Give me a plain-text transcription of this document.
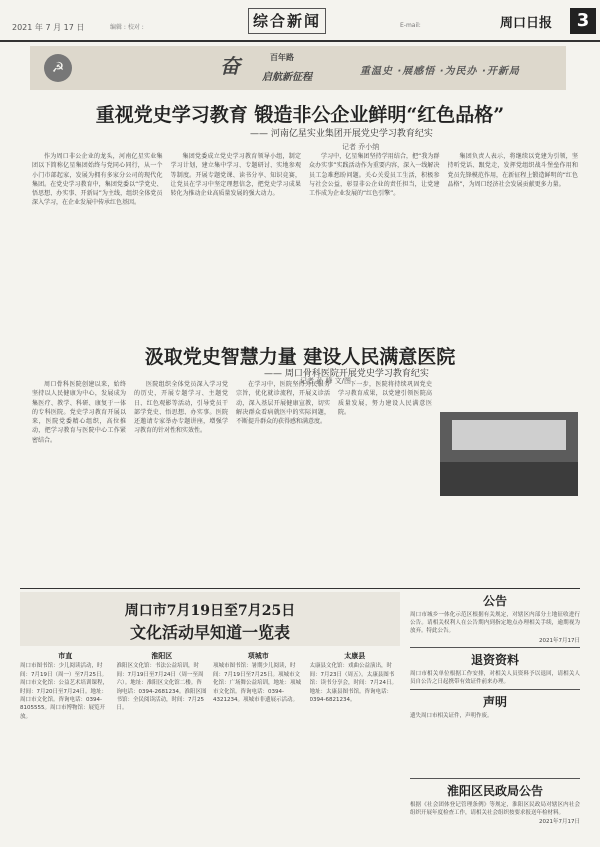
2021 年 7 月 17 日	编辑 : 校对 :	综合新闻	E-mail:	周口日报	3
☭	奋	百年路
启航新征程
重温史 ·展感悟 ·为民办 ·开新局
重视党史学习教育 锻造非公企业鲜明“红色品格”
—— 河南亿星实业集团开展党史学习教育纪实
记者 乔小纳
作为周口非公企业的龙头，河南亿星实业集团以下简称亿星集团始终与党同心同行，从一个小门市部起家，发展为拥有多家分公司的现代化集团。在党史学习教育中，集团党委以“学党史、悟思想、办实事、开新局”为主线，组织全体党员深入学习，在企业发展中传承红色基因。
集团党委成立党史学习教育领导小组，制定学习计划，建立集中学习、专题研讨、实地参观等制度。开展专题党课、读书分享、知识竞赛，让党员在学习中坚定理想信念，把党史学习成果转化为推动企业高质量发展的强大动力。
学习中，亿星集团坚持学用结合，把“我为群众办实事”实践活动作为重要内容，深入一线解决员工急难愁盼问题。关心关爱员工生活，积极参与社会公益，彰显非公企业的责任担当，让党建工作成为企业发展的“红色引擎”。
集团负责人表示，将继续以党建为引领，坚持听党话、跟党走，发挥党组织战斗堡垒作用和党员先锋模范作用，在新征程上锻造鲜明的“红色品格”，为周口经济社会发展贡献更多力量。
汲取党史智慧力量 建设人民满意医院
—— 周口骨科医院开展党史学习教育纪实
记者 孙 峰 文/图
周口骨科医院创建以来，始终坚持以人民健康为中心，发展成为集医疗、教学、科研、康复于一体的专科医院。党史学习教育开展以来，医院党委精心组织，高位推动，把学习教育与医院中心工作紧密结合。
医院组织全体党员深入学习党的历史，开展专题学习、主题党日、红色观影等活动，引导党员干部学党史、悟思想、办实事。医院还邀请专家举办专题讲座，增强学习教育的针对性和实效性。
在学习中，医院坚持为民服务宗旨，优化就诊流程，开展义诊活动，深入基层开展健康宣教，切实解决群众看病就医中的实际问题，不断提升群众的获得感和满意度。
下一步，医院将持续巩固党史学习教育成果，以党建引领医院高质量发展，努力建设人民满意医院。
周口市7月19日至7月25日
文化活动早知道一览表
市直
周口市图书馆：少儿阅读活动，时间：7月19日（周一）至7月25日。周口市文化馆：公益艺术培训课程，时间：7月20日至7月24日。地址：周口市文化馆。咨询电话：0394-8105555。周口市博物馆：展览开放。
淮阳区
淮阳区文化馆：书法公益培训，时间：7月19日至7月24日（周一至周六）。地址：淮阳区文化馆二楼。咨询电话：0394-2681234。淮阳区图书馆：全民阅读活动，时间：7月25日。
项城市
项城市图书馆：暑期少儿阅读，时间：7月19日至7月25日。项城市文化馆：广场舞公益培训，地址：项城市文化馆。咨询电话：0394-4321234。项城市非遗展示活动。
太康县
太康县文化馆：戏曲公益演出，时间：7月23日（周五）。太康县图书馆：读书分享会，时间：7月24日。地址：太康县图书馆。咨询电话：0394-6821234。
公告
周口市城乡一体化示范区根据有关规定，对辖区内部分土地征收进行公告。请相关权利人在公告期内到指定地点办理相关手续，逾期视为放弃。特此公告。
2021年7月17日
退资资料
周口市相关单位根据工作安排，对相关人员资料予以退回，请相关人员自公告之日起携带有效证件前来办理。
声明
遗失周口市相关证件，声明作废。
淮阳区民政局公告
根据《社会团体登记管理条例》等规定，淮阳区民政局对辖区内社会组织开展年度检查工作，请相关社会组织按要求报送年检材料。
2021年7月17日
